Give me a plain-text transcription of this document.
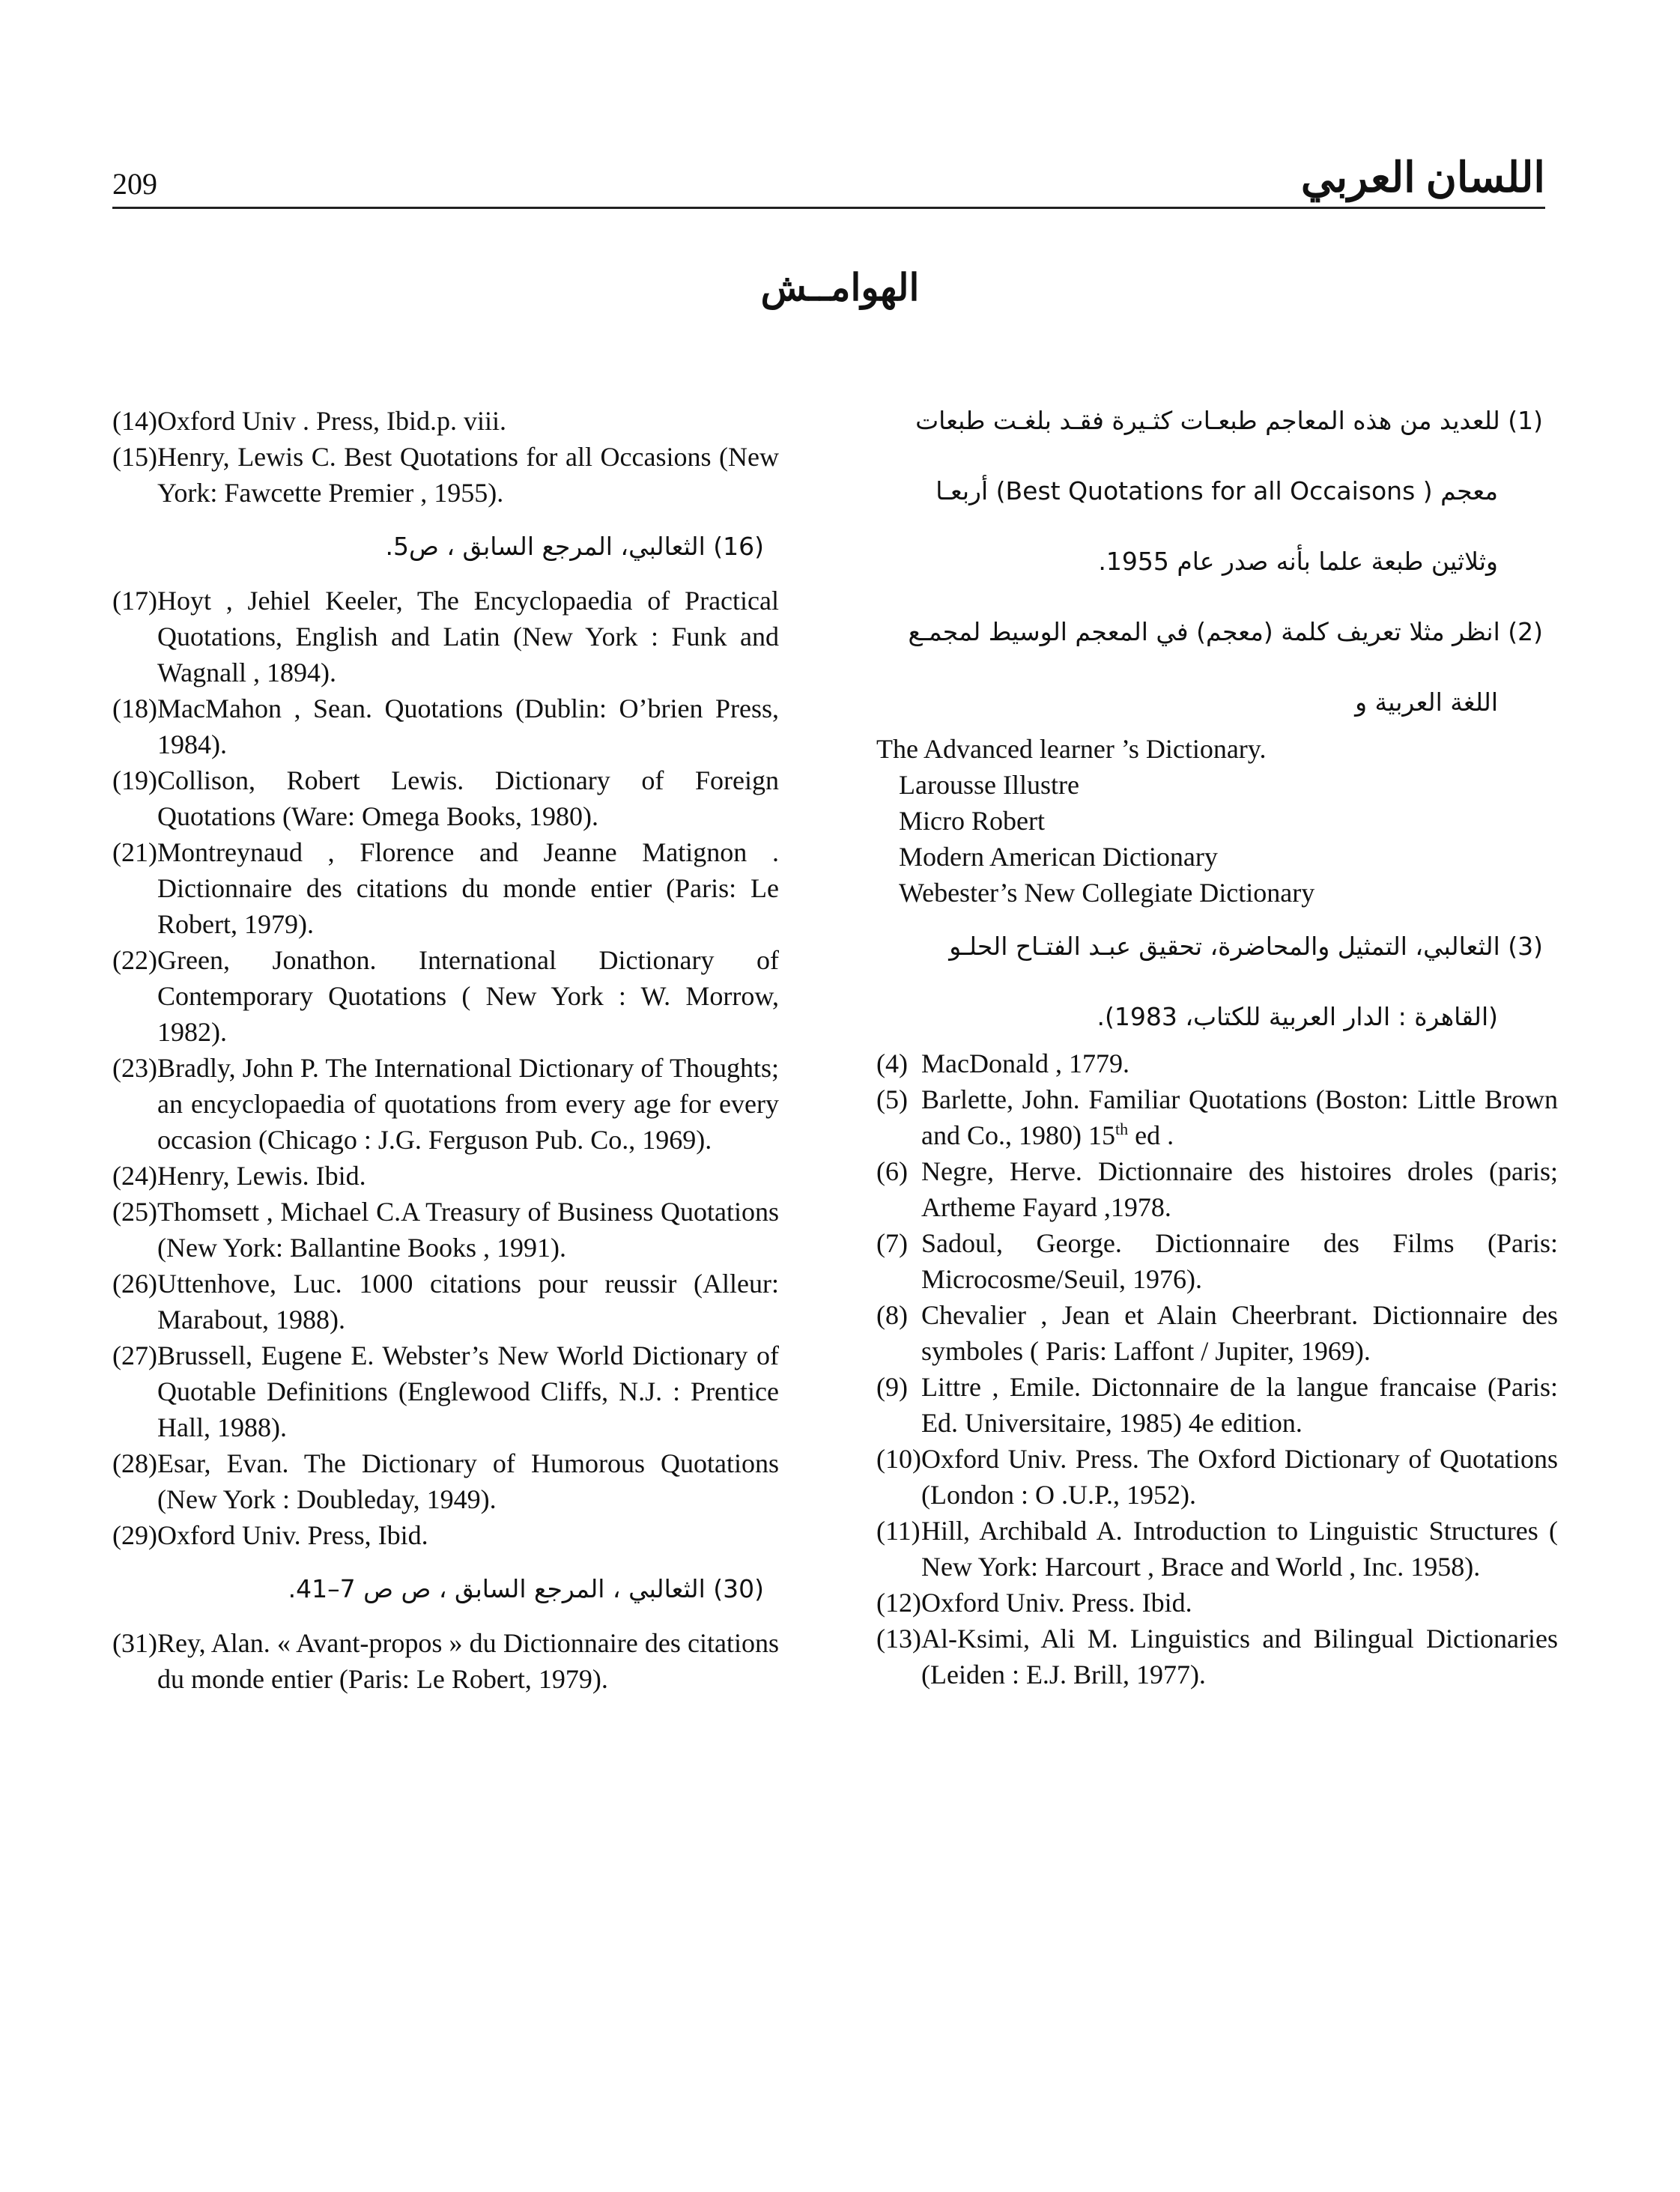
209	اللسان العربي
الهوامــش
(14) Oxford Univ . Press, Ibid.p. viii.
(15) Henry, Lewis C. Best Quotations for all Occasions (New York: Fawcette Premier , 1955).
(16) الثعالبي، المرجع السابق ، ص5.
(17) Hoyt , Jehiel Keeler, The Encyclopaedia of Practical Quotations, English and Latin (New York : Funk and Wagnall , 1894).
(18) MacMahon , Sean. Quotations (Dublin: O’brien Press, 1984).
(19) Collison, Robert Lewis. Dictionary of Foreign Quotations (Ware: Omega Books, 1980).
(21) Montreynaud , Florence and Jeanne Matignon . Dictionnaire des citations du monde entier (Paris: Le Robert, 1979).
(22) Green, Jonathon. International Dictionary of Contemporary Quotations ( New York : W. Morrow, 1982).
(23) Bradly, John P. The International Dictionary of Thoughts; an encyclopaedia of quotations from every age for every occasion (Chicago : J.G. Ferguson Pub. Co., 1969).
(24) Henry, Lewis. Ibid.
(25) Thomsett , Michael C.A Treasury of Business Quotations (New York: Ballantine Books , 1991).
(26) Uttenhove, Luc. 1000 citations pour reussir (Alleur: Marabout, 1988).
(27) Brussell, Eugene E. Webster’s New World Dictionary of Quotable Definitions (Englewood Cliffs, N.J. : Prentice Hall, 1988).
(28) Esar, Evan. The Dictionary of Humorous Quotations (New York : Doubleday, 1949).
(29) Oxford Univ. Press, Ibid.
(30) الثعالبي ، المرجع السابق ، ص ص 7–41.
(31) Rey, Alan. « Avant-propos » du Dictionnaire des citations du monde entier (Paris: Le Robert, 1979).
(1) للعديد من هذه المعاجم طبعـات كثـيرة فقـد بلغـت طبعات
معجم ( Best Quotations for all Occaisons) أربعـا
وثلاثين طبعة علما بأنه صدر عام 1955.
(2) انظر مثلا تعريف كلمة (معجم) في المعجم الوسيط لمجمـع
اللغة العربية و
The Advanced learner ’s Dictionary.
Larousse Illustre
Micro Robert
Modern American Dictionary
Webester’s New Collegiate Dictionary
(3) الثعالبي، التمثيل والمحاضرة، تحقيق عبـد الفتـاح الحلـو
(القاهرة : الدار العربية للكتاب، 1983).
(4) MacDonald , 1779.
(5) Barlette, John. Familiar Quotations (Boston: Little Brown and Co., 1980) 15th ed .
(6) Negre, Herve. Dictionnaire des histoires droles (paris; Artheme Fayard ,1978.
(7) Sadoul, George. Dictionnaire des Films (Paris: Microcosme/Seuil, 1976).
(8) Chevalier , Jean et Alain Cheerbrant. Dictionnaire des symboles ( Paris: Laffont / Jupiter, 1969).
(9) Littre , Emile. Dictonnaire de la langue francaise (Paris: Ed. Universitaire, 1985) 4e edition.
(10) Oxford Univ. Press. The Oxford Dictionary of Quotations (London : O .U.P., 1952).
(11) Hill, Archibald A. Introduction to Linguistic Structures ( New York: Harcourt , Brace and World , Inc. 1958).
(12) Oxford Univ. Press. Ibid.
(13) Al-Ksimi, Ali M. Linguistics and Bilingual Dictionaries (Leiden : E.J. Brill, 1977).
